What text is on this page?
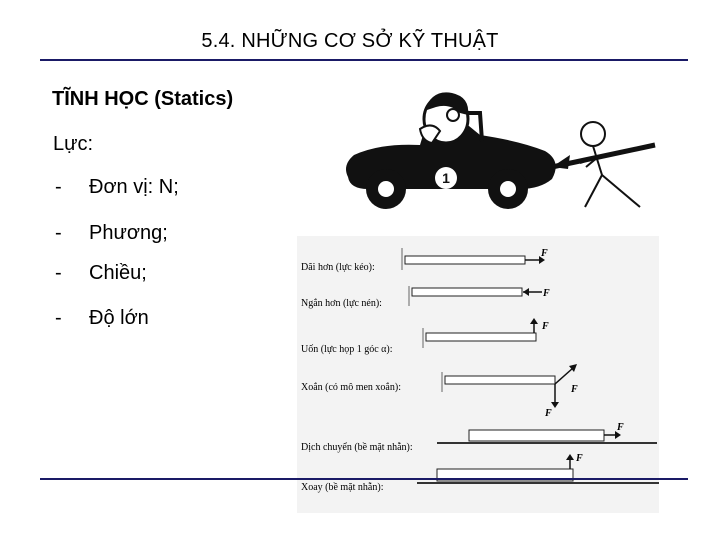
5.4. NHỮNG CƠ SỞ KỸ THUẬT
TĨNH HỌC (Statics)
Lực:
- Đơn vị: N;
- Phương;
- Chiều;
- Độ lớn
1
Dãi hơn (lực kéo):
F
Ngắn hơn (lực nén):
F
Uốn (lực họp 1 góc α):
F
Xoắn (có mô men xoắn):	F
F
Dịch chuyển (bề mặt nhẵn):
F
Xoay (bề mặt nhẵn):
F
